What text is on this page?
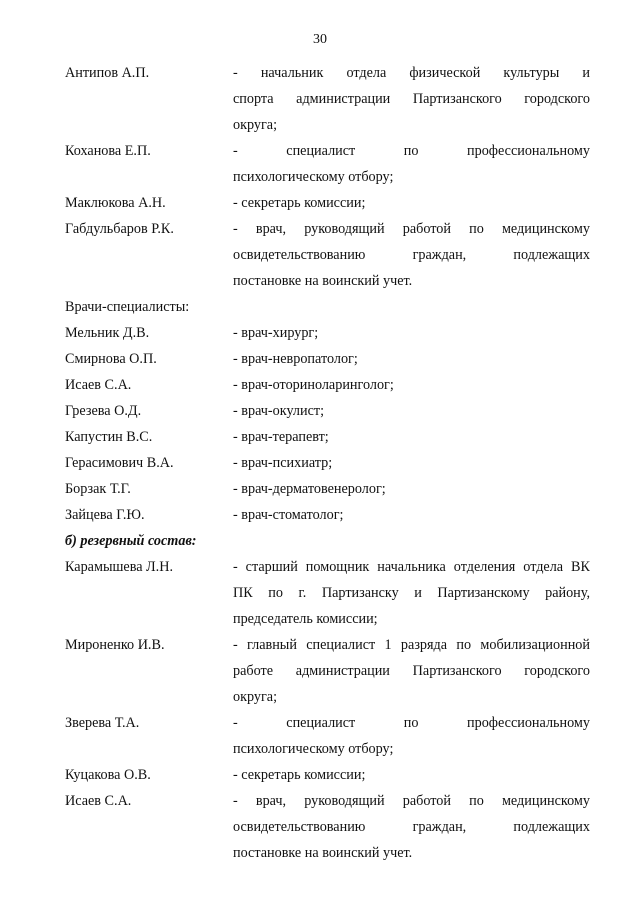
30
Антипов А.П.	- начальник отдела физической культуры и
спорта администрации Партизанского городского
округа;
Коханова Е.П.	- специалист по профессиональному
психологическому отбору;
Маклюкова А.Н.	- секретарь комиссии;
Габдульбаров Р.К.	- врач, руководящий работой по медицинскому
освидетельствованию граждан, подлежащих
постановке на воинский учет.
Врачи-специалисты:
Мельник Д.В.	- врач-хирург;
Смирнова О.П.	- врач-невропатолог;
Исаев С.А.	- врач-оториноларинголог;
Грезева О.Д.	- врач-окулист;
Капустин В.С.	- врач-терапевт;
Герасимович В.А.	- врач-психиатр;
Борзак Т.Г.	- врач-дерматовенеролог;
Зайцева Г.Ю.	- врач-стоматолог;
б) резервный состав:
Карамышева Л.Н.	- старший помощник начальника отделения отдела ВК
ПК по г. Партизанску и Партизанскому району,
председатель комиссии;
Мироненко И.В.	- главный специалист 1 разряда по мобилизационной
работе администрации Партизанского городского
округа;
Зверева Т.А.	- специалист по профессиональному
психологическому отбору;
Куцакова О.В.	- секретарь комиссии;
Исаев С.А.	- врач, руководящий работой по медицинскому
освидетельствованию граждан, подлежащих
постановке на воинский учет.
